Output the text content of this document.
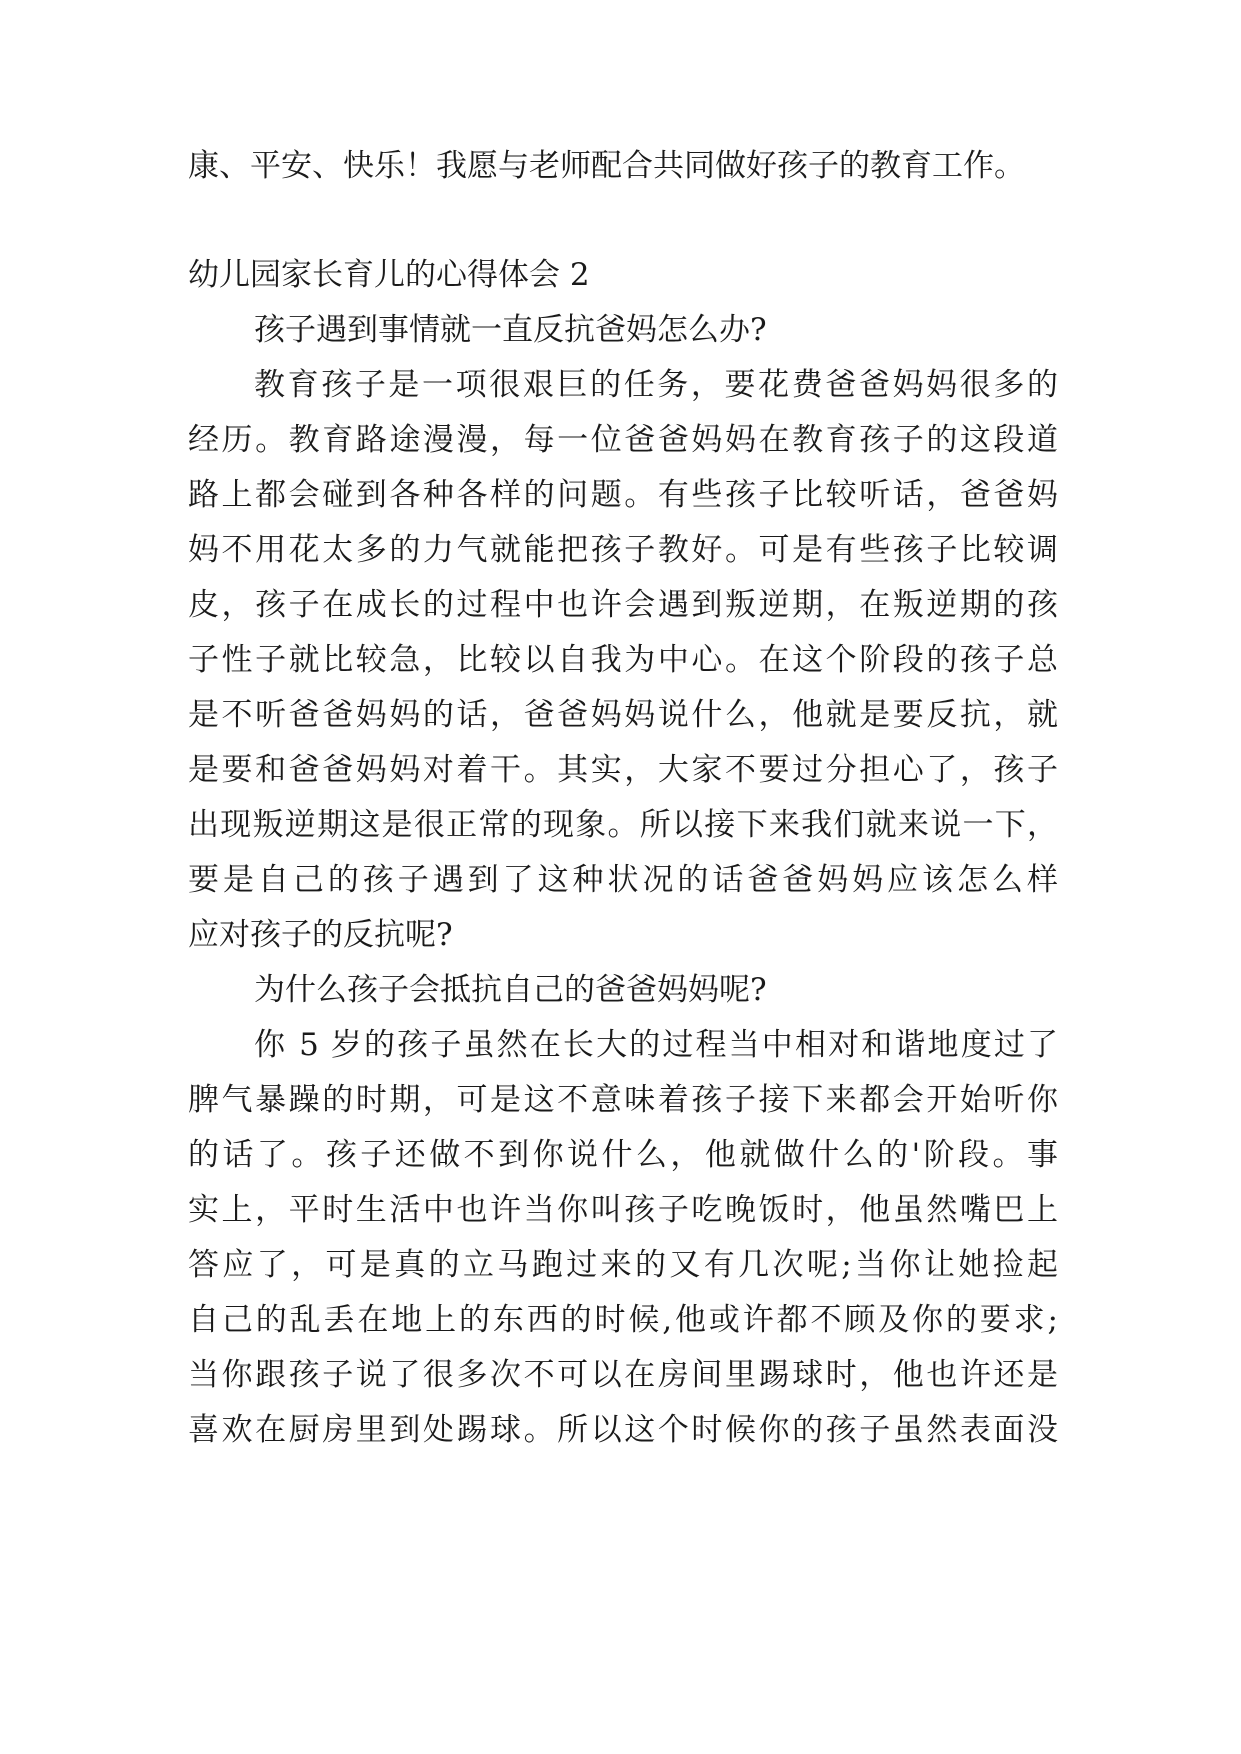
康、平安、快乐！我愿与老师配合共同做好孩子的教育工作。
幼儿园家长育儿的心得体会 2
孩子遇到事情就一直反抗爸妈怎么办?
教育孩子是一项很艰巨的任务，要花费爸爸妈妈很多的
经历。教育路途漫漫，每一位爸爸妈妈在教育孩子的这段道
路上都会碰到各种各样的问题。有些孩子比较听话，爸爸妈
妈不用花太多的力气就能把孩子教好。可是有些孩子比较调
皮，孩子在成长的过程中也许会遇到叛逆期，在叛逆期的孩
子性子就比较急，比较以自我为中心。在这个阶段的孩子总
是不听爸爸妈妈的话，爸爸妈妈说什么，他就是要反抗，就
是要和爸爸妈妈对着干。其实，大家不要过分担心了，孩子
出现叛逆期这是很正常的现象。所以接下来我们就来说一下，
要是自己的孩子遇到了这种状况的话爸爸妈妈应该怎么样
应对孩子的反抗呢?
为什么孩子会抵抗自己的爸爸妈妈呢?
你 5 岁的孩子虽然在长大的过程当中相对和谐地度过了
脾气暴躁的时期，可是这不意味着孩子接下来都会开始听你
的话了。孩子还做不到你说什么，他就做什么的'阶段。事
实上，平时生活中也许当你叫孩子吃晚饭时，他虽然嘴巴上
答应了，可是真的立马跑过来的又有几次呢;当你让她捡起
自己的乱丢在地上的东西的时候,他或许都不顾及你的要求;
当你跟孩子说了很多次不可以在房间里踢球时，他也许还是
喜欢在厨房里到处踢球。所以这个时候你的孩子虽然表面没
